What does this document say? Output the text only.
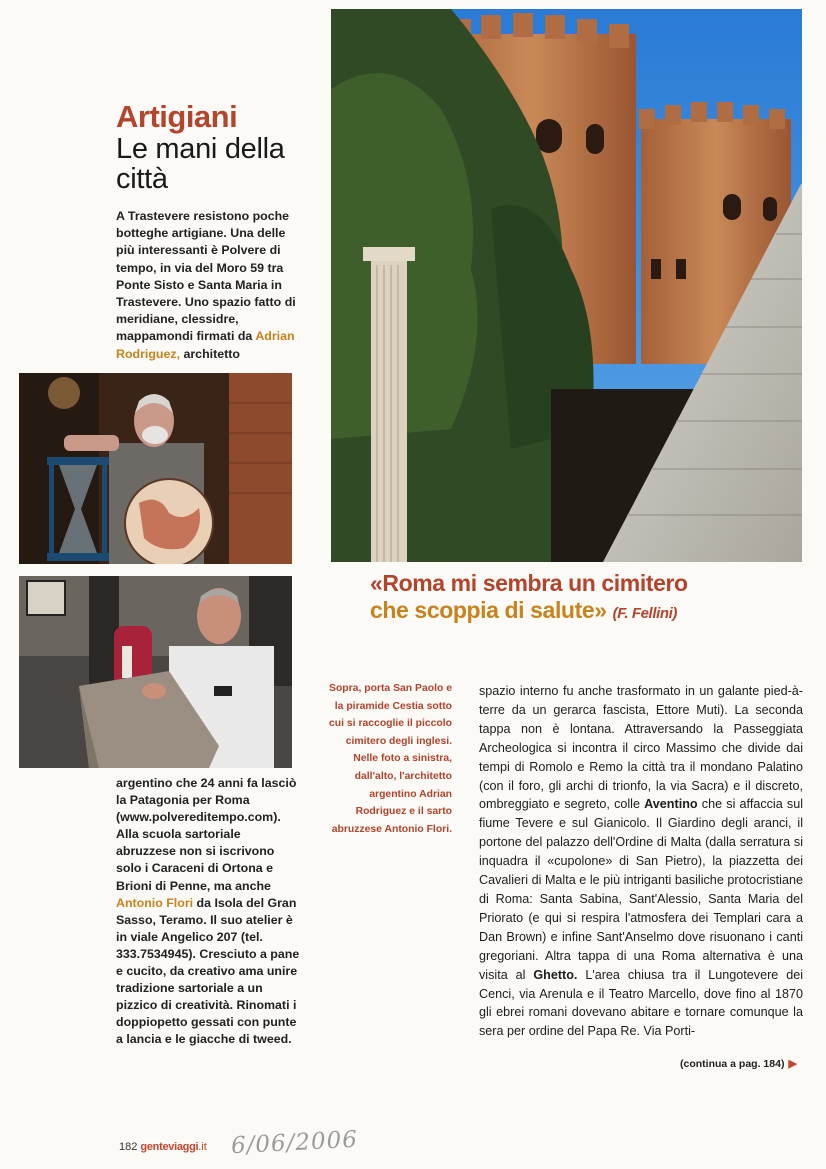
Artigiani
Le mani della città
A Trastevere resistono poche botteghe artigiane. Una delle più interessanti è Polvere di tempo, in via del Moro 59 tra Ponte Sisto e Santa Maria in Trastevere. Uno spazio fatto di meridiane, clessidre, mappamondi firmati da Adrian Rodriguez, architetto
«Roma mi sembra un cimitero
che scoppia di salute» (F. Fellini)
Sopra, porta San Paolo e la piramide Cestia sotto cui si raccoglie il piccolo cimitero degli inglesi. Nelle foto a sinistra, dall'alto, l'architetto argentino Adrian Rodriguez e il sarto abruzzese Antonio Flori.
argentino che 24 anni fa lasciò la Patagonia per Roma (www.polvereditempo.com). Alla scuola sartoriale abruzzese non si iscrivono solo i Caraceni di Ortona e Brioni di Penne, ma anche Antonio Flori da Isola del Gran Sasso, Teramo. Il suo atelier è in viale Angelico 207 (tel. 333.7534945). Cresciuto a pane e cucito, da creativo ama unire tradizione sartoriale a un pizzico di creatività. Rinomati i doppiopetto gessati con punte a lancia e le giacche di tweed.
spazio interno fu anche trasformato in un galante pied-à-terre da un gerarca fascista, Ettore Muti). La seconda tappa non è lontana. Attraversando la Passeggiata Archeologica si incontra il circo Massimo che divide dai tempi di Romolo e Remo la città tra il mondano Palatino (con il foro, gli archi di trionfo, la via Sacra) e il discreto, ombreggiato e segreto, colle Aventino che si affaccia sul fiume Tevere e sul Gianicolo. Il Giardino degli aranci, il portone del palazzo dell'Ordine di Malta (dalla serratura si inquadra il «cupolone» di San Pietro), la piazzetta dei Cavalieri di Malta e le più intriganti basiliche protocristiane di Roma: Santa Sabina, Sant'Alessio, Santa Maria del Priorato (e qui si respira l'atmosfera dei Templari cara a Dan Brown) e infine Sant'Anselmo dove risuonano i canti gregoriani. Altra tappa di una Roma alternativa è una visita al Ghetto. L'area chiusa tra il Lungotevere dei Cenci, via Arenula e il Teatro Marcello, dove fino al 1870 gli ebrei romani dovevano abitare e tornare comunque la sera per ordine del Papa Re. Via Porti-
(continua a pag. 184) ▶
182 genteviaggi.it 6/06/2006
